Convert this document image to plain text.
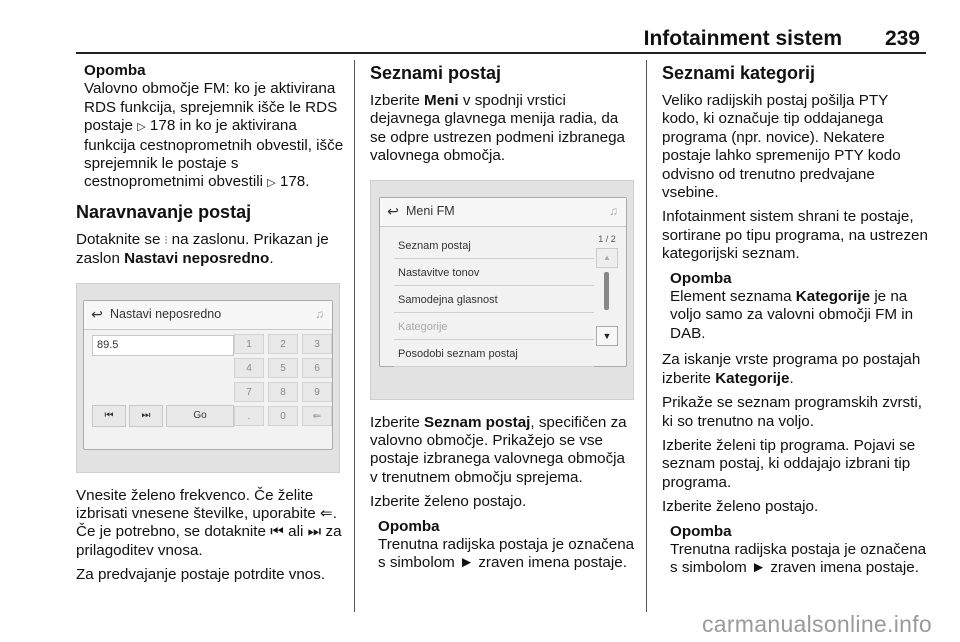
Infotainment sistem 239
Opomba
Valovno območje FM: ko je aktivirana RDS funkcija, sprejemnik išče le RDS postaje ▷ 178 in ko je aktivirana funkcija cestnoprometnih obvestil, išče sprejemnik le postaje s cestnoprometnimi obvestili ▷ 178.
Naravnavanje postaj

Dotaknite se ⫶ na zaslonu. Prikazan je zaslon Nastavi neposredno.

↩ Nastavi neposredno	♫
89.5	1	2	3
4	5	6
7	8	9
.	0	⇐
⏮	⏭	Go

Vnesite želeno frekvenco. Če želite izbrisati vnesene številke, uporabite ⇐. Če je potrebno, se dotaknite ⏮ ali ⏭ za prilagoditev vnosa.

Za predvajanje postaje potrdite vnos.

Seznami postaj

Izberite Meni v spodnji vrstici dejavnega glavnega menija radia, da se odpre ustrezen podmeni izbranega valovnega območja.

↩ Meni FM	♫
Seznam postaj
Nastavitve tonov
Samodejna glasnost
Kategorije
Posodobi seznam postaj
1 / 2
▲
▼

Izberite Seznam postaj, specifičen za valovno območje. Prikažejo se vse postaje izbranega valovnega območja v trenutnem območju sprejema.

Izberite želeno postajo.

Opomba
Trenutna radijska postaja je označena s simbolom ► zraven imena postaje.
Seznami kategorij

Veliko radijskih postaj pošilja PTY kodo, ki označuje tip oddajanega programa (npr. novice). Nekatere postaje lahko spremenijo PTY kodo odvisno od trenutno predvajane vsebine.

Infotainment sistem shrani te postaje, sortirane po tipu programa, na ustrezen kategorijski seznam.

Opomba
Element seznama Kategorije je na voljo samo za valovni območji FM in DAB.

Za iskanje vrste programa po postajah izberite Kategorije.

Prikaže se seznam programskih zvrsti, ki so trenutno na voljo.

Izberite želeni tip programa. Pojavi se seznam postaj, ki oddajajo izbrani tip programa.

Izberite želeno postajo.

Opomba
Trenutna radijska postaja je označena s simbolom ► zraven imena postaje.
carmanualsonline.info
